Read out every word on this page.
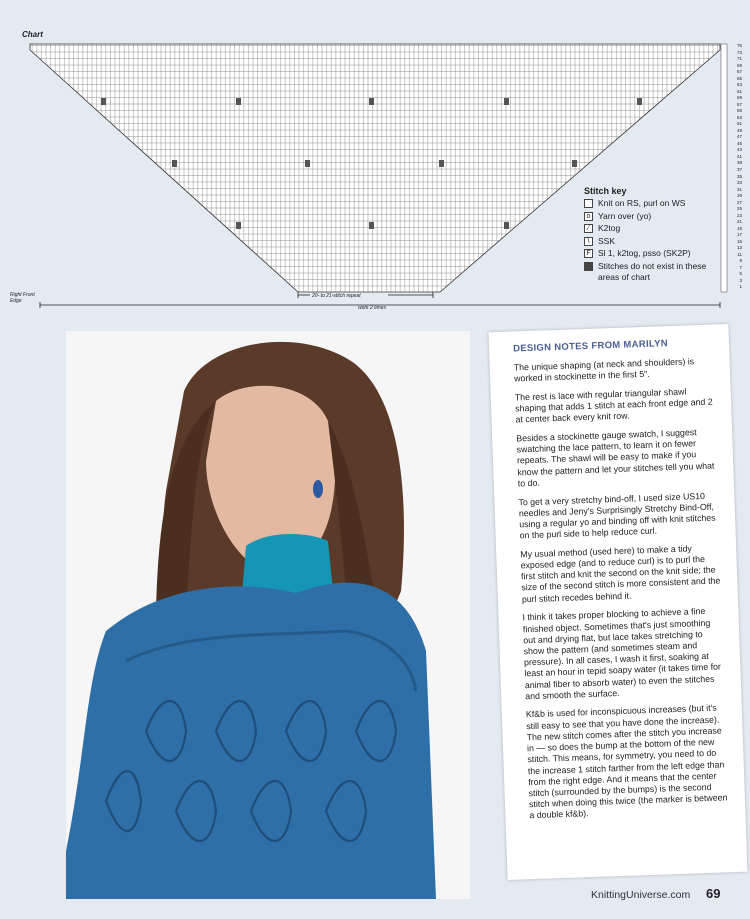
Chart
Right Front Edge
20- to 21-stitch repeat
work 2 times
76
73
71
69
67
65
63
61
59
57
55
53
51
49
47
45
43
41
39
37
35
33
31
29
27
25
23
21
19
17
15
13
11
9
7
5
3
1
Stitch key
Knit on RS, purl on WS
o Yarn over (yo)
⁄	K2tog
\	SSK
F Sl 1, k2tog, psso (SK2P)
■ Stitches do not exist in these areas of chart
DESIGN NOTES FROM MARILYN

The unique shaping (at neck and shoulders) is worked in stockinette in the first 5".

The rest is lace with regular triangular shawl shaping that adds 1 stitch at each front edge and 2 at center back every knit row.

Besides a stockinette gauge swatch, I suggest swatching the lace pattern, to learn it on fewer repeats. The shawl will be easy to make if you know the pattern and let your stitches tell you what to do.

To get a very stretchy bind-off, I used size US10 needles and Jeny's Surprisingly Stretchy Bind-Off, using a regular yo and binding off with knit stitches on the purl side to help reduce curl.

My usual method (used here) to make a tidy exposed edge (and to reduce curl) is to purl the first stitch and knit the second on the knit side; the size of the second stitch is more consistent and the purl stitch recedes behind it.

I think it takes proper blocking to achieve a fine finished object. Sometimes that's just smoothing out and drying flat, but lace takes stretching to show the pattern (and sometimes steam and pressure). In all cases, I wash it first, soaking at least an hour in tepid soapy water (it takes time for animal fiber to absorb water) to even the stitches and smooth the surface.

Kf&b is used for inconspicuous increases (but it's still easy to see that you have done the increase). The new stitch comes after the stitch you increase in — so does the bump at the bottom of the new stitch. This means, for symmetry, you need to do the increase 1 stitch farther from the left edge than from the right edge. And it means that the center stitch (surrounded by the bumps) is the second stitch when doing this twice (the marker is between a double kf&b).

KnittingUniverse.com 69
